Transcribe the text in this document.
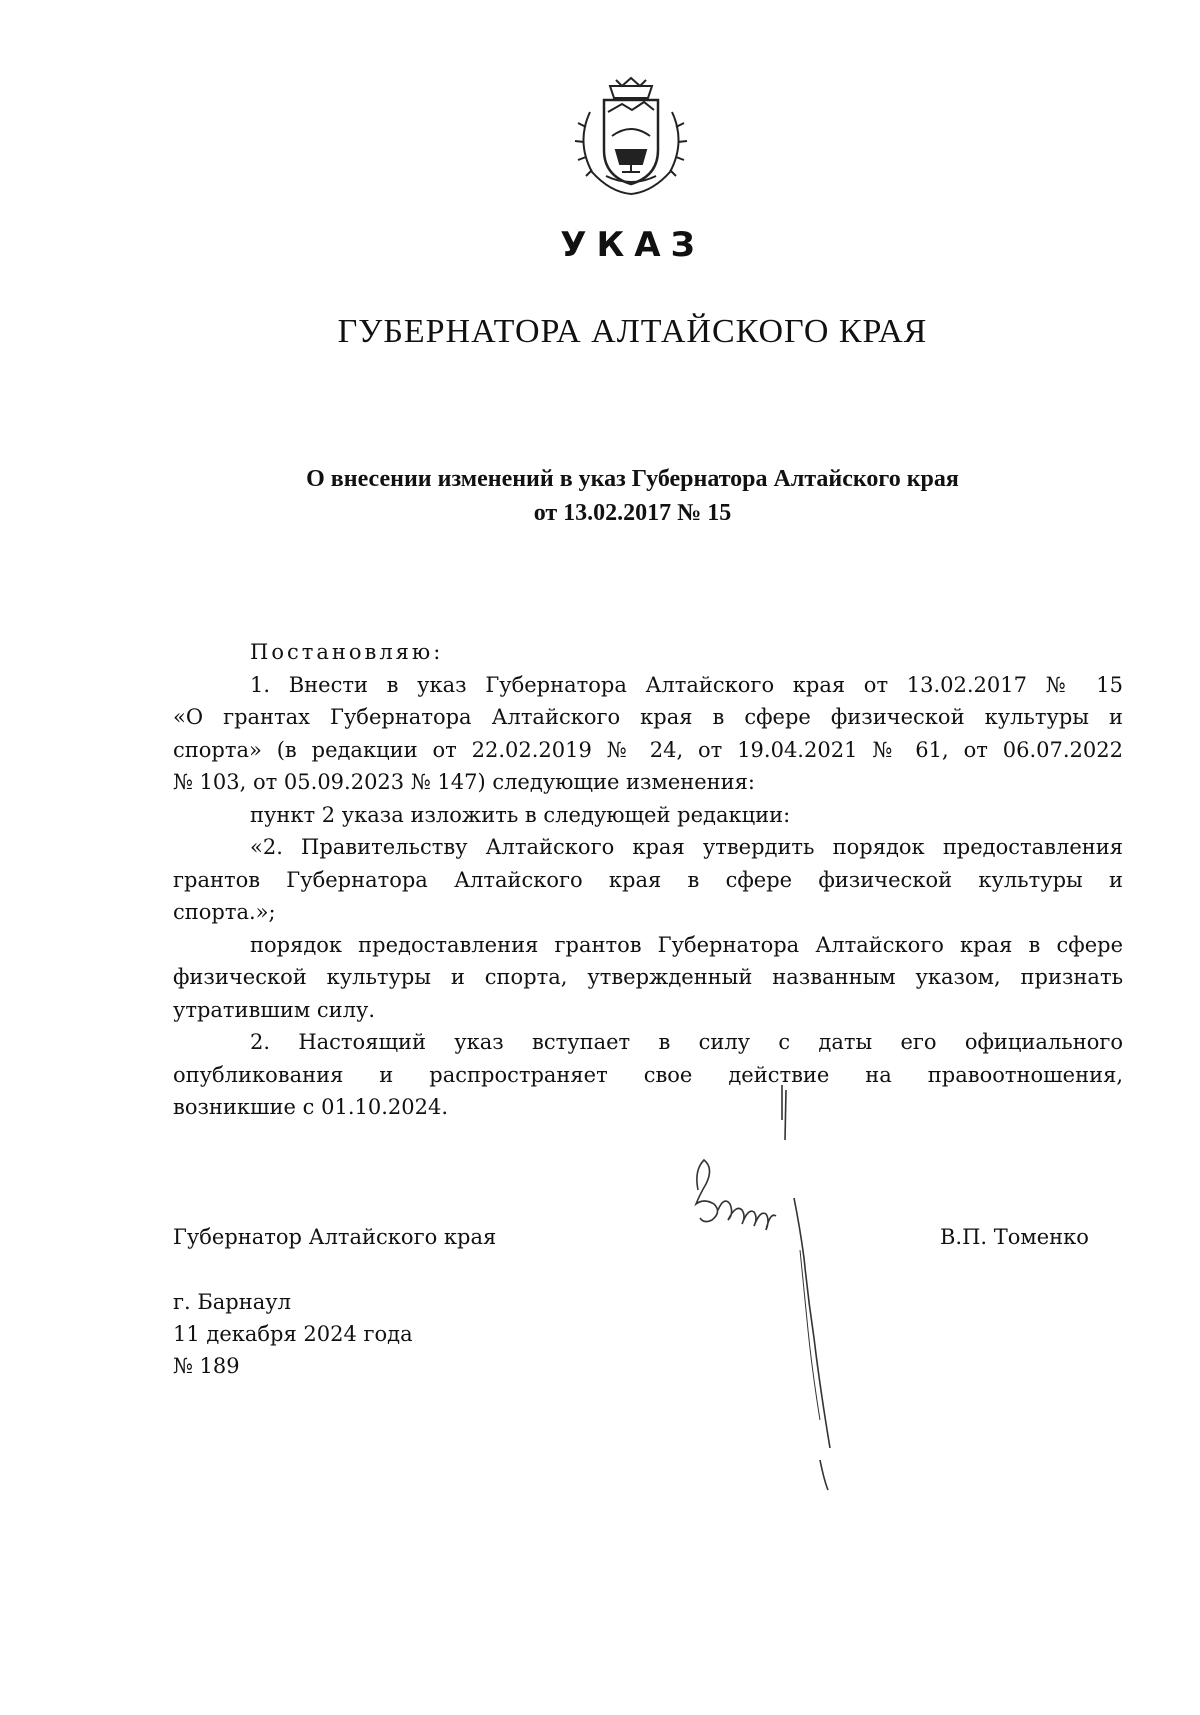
УКАЗ
ГУБЕРНАТОРА АЛТАЙСКОГО КРАЯ
О внесении изменений в указ Губернатора Алтайского края
от 13.02.2017 № 15
Постановляю:
1. Внести в указ Губернатора Алтайского края от 13.02.2017 № 15
«О грантах Губернатора Алтайского края в сфере физической культуры и
спорта» (в редакции от 22.02.2019 № 24, от 19.04.2021 № 61, от 06.07.2022
№ 103, от 05.09.2023 № 147) следующие изменения:
пункт 2 указа изложить в следующей редакции:
«2. Правительству Алтайского края утвердить порядок предоставления
грантов Губернатора Алтайского края в сфере физической культуры и
спорта.»;
порядок предоставления грантов Губернатора Алтайского края в сфере
физической культуры и спорта, утвержденный названным указом, признать
утратившим силу.
2. Настоящий указ вступает в силу с даты его официального
опубликования и распространяет свое действие на правоотношения,
возникшие с 01.10.2024.
Губернатор Алтайского края	В.П. Томенко
г. Барнаул
11 декабря 2024 года
№ 189
